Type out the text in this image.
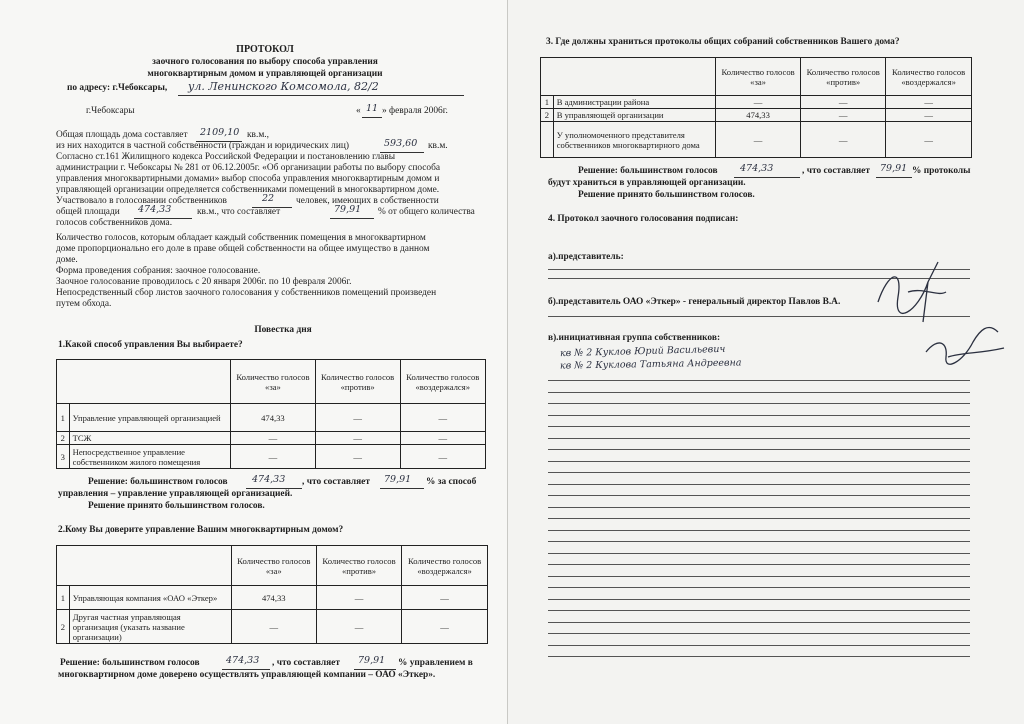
ПРОТОКОЛ
заочного голосования по выбору способа управления
многоквартирным домом и управляющей организации
по адресу: г.Чебоксары, ул. Ленинского Комсомола, 82/2
г.Чебоксары	« 11 » февраля 2006г.
Общая площадь дома составляет 2109,10 кв.м.,
из них находится в частной собственности (граждан и юридических лиц)	593,60 кв.м.
Согласно ст.161 Жилищного кодекса Российской Федерации и постановлению главы
администрации г. Чебоксары № 281 от 06.12.2005г. «Об организации работы по выбору способа
управления многоквартирными домами» выбор способа управления многоквартирным домом и
управляющей организации определяется собственниками помещений в многоквартирном доме.
Участвовало в голосовании собственников	22 человек, имеющих в собственности
общей площади 474,33	кв.м., что составляет	79,91 % от общего количества
голосов собственников дома.
Количество голосов, которым обладает каждый собственник помещения в многоквартирном
доме пропорционально его доле в праве общей собственности на общее имущество в данном
доме.
Форма проведения собрания: заочное голосование.
Заочное голосование проводилось с 20 января 2006г. по 10 февраля 2006г.
Непосредственный сбор листов заочного голосования у собственников помещений произведен
путем обхода.
Повестка дня
1.Какой способ управления Вы выбираете?
		Количество голосов «за»	Количество голосов «против»	Количество голосов «воздержался»
1	Управление управляющей организацией	474,33	—	—
2	ТСЖ	—	—	—
3	Непосредственное управление собственником жилого помещения	—	—	—
Решение: большинством голосов	474,33 , что составляет 79,91 % за способ
управления – управление управляющей организацией.
Решение принято большинством голосов.
2.Кому Вы доверите управление Вашим многоквартирным домом?
		Количество голосов «за»	Количество голосов «против»	Количество голосов «воздержался»
1	Управляющая компания «ОАО «Эткер»	474,33	—	—
2	Другая частная управляющая организация (указать название организации)	—	—	—
Решение: большинством голосов	474,33 , что составляет 79,91 % управлением в
многоквартирном доме доверено осуществлять управляющей компании – ОАО «Эткер».
3. Где должны храниться протоколы общих собраний собственников Вашего дома?
		Количество голосов «за»	Количество голосов «против»	Количество голосов «воздержался»
1	В администрации района	—	—	—
2	В управляющей организации	474,33	—	—
	У уполномоченного представителя собственников многоквартирного дома	—	—	—
Решение: большинством голосов 474,33	, что составляет 79,91 % протоколы
будут храниться в управляющей организации.
Решение принято большинством голосов.
4. Протокол заочного голосования подписан:
а).представитель:
б).представитель ОАО «Эткер» - генеральный директор Павлов В.А.
в).инициативная группа собственников:
кв № 2 Куклов Юрий Васильевич
кв № 2 Куклова Татьяна Андреевна
